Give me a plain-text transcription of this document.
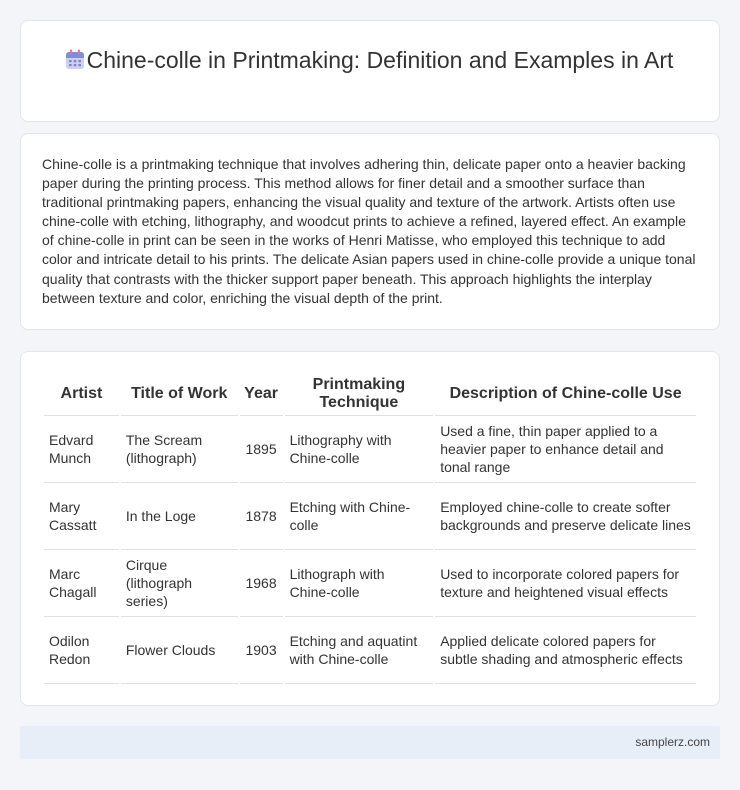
Chine-colle in Printmaking: Definition and Examples in Art

Chine-colle is a printmaking technique that involves adhering thin, delicate paper onto a heavier backing paper during the printing process. This method allows for finer detail and a smoother surface than traditional printmaking papers, enhancing the visual quality and texture of the artwork. Artists often use chine-colle with etching, lithography, and woodcut prints to achieve a refined, layered effect. An example of chine-colle in print can be seen in the works of Henri Matisse, who employed this technique to add color and intricate detail to his prints. The delicate Asian papers used in chine-colle provide a unique tonal quality that contrasts with the thicker support paper beneath. This approach highlights the interplay between texture and color, enriching the visual depth of the print.

Artist	Title of Work	Year	Printmaking Technique	Description of Chine-colle Use
Edvard Munch	The Scream (lithograph)	1895	Lithography with Chine-colle	Used a fine, thin paper applied to a heavier paper to enhance detail and tonal range
Mary Cassatt	In the Loge	1878	Etching with Chine-colle	Employed chine-colle to create softer backgrounds and preserve delicate lines
Marc Chagall	Cirque (lithograph series)	1968	Lithograph with Chine-colle	Used to incorporate colored papers for texture and heightened visual effects
Odilon Redon	Flower Clouds	1903	Etching and aquatint with Chine-colle	Applied delicate colored papers for subtle shading and atmospheric effects
samplerz.com
